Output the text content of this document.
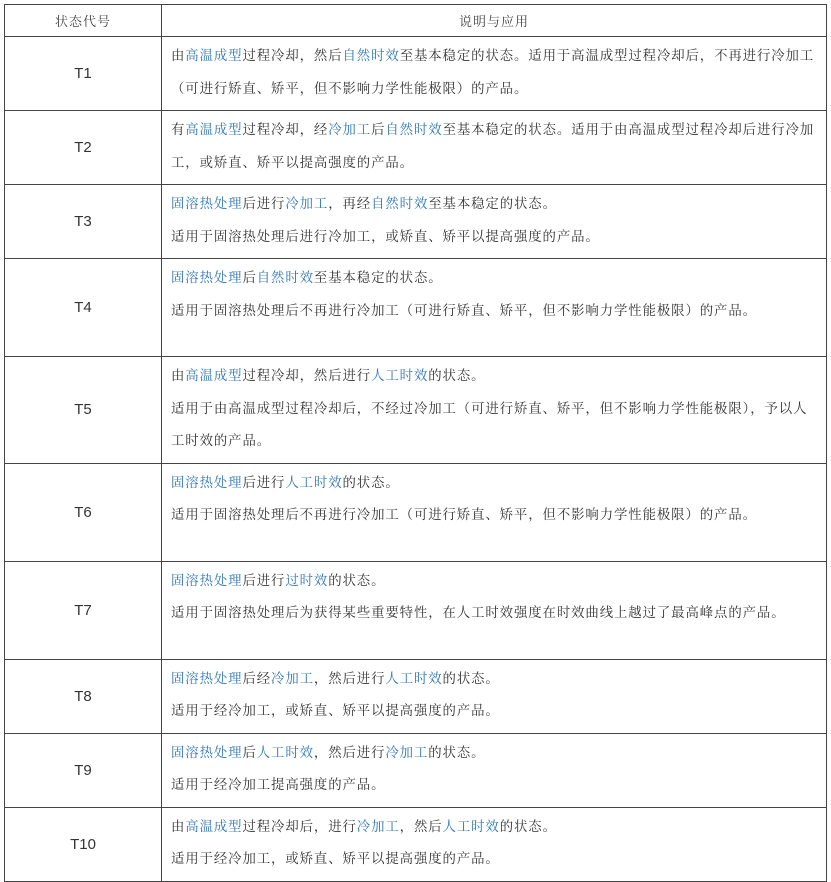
状态代号	说明与应用
T1	由高温成型过程冷却，然后自然时效至基本稳定的状态。适用于高温成型过程冷却后，不再进行冷加工（可进行矫直、矫平，但不影响力学性能极限）的产品。

T2	有高温成型过程冷却，经冷加工后自然时效至基本稳定的状态。适用于由高温成型过程冷却后进行冷加工，或矫直、矫平以提高强度的产品。

T3	固溶热处理后进行冷加工，再经自然时效至基本稳定的状态。
适用于固溶热处理后进行冷加工，或矫直、矫平以提高强度的产品。

T4	固溶热处理后自然时效至基本稳定的状态。
适用于固溶热处理后不再进行冷加工（可进行矫直、矫平，但不影响力学性能极限）的产品。

T5	由高温成型过程冷却，然后进行人工时效的状态。
适用于由高温成型过程冷却后，不经过冷加工（可进行矫直、矫平，但不影响力学性能极限），予以人工时效的产品。

T6	固溶热处理后进行人工时效的状态。
适用于固溶热处理后不再进行冷加工（可进行矫直、矫平，但不影响力学性能极限）的产品。

T7	固溶热处理后进行过时效的状态。
适用于固溶热处理后为获得某些重要特性，在人工时效强度在时效曲线上越过了最高峰点的产品。

T8	固溶热处理后经冷加工，然后进行人工时效的状态。
适用于经冷加工，或矫直、矫平以提高强度的产品。

T9	固溶热处理后人工时效，然后进行冷加工的状态。
适用于经冷加工提高强度的产品。

T10	由高温成型过程冷却后，进行冷加工，然后人工时效的状态。
适用于经冷加工，或矫直、矫平以提高强度的产品。
